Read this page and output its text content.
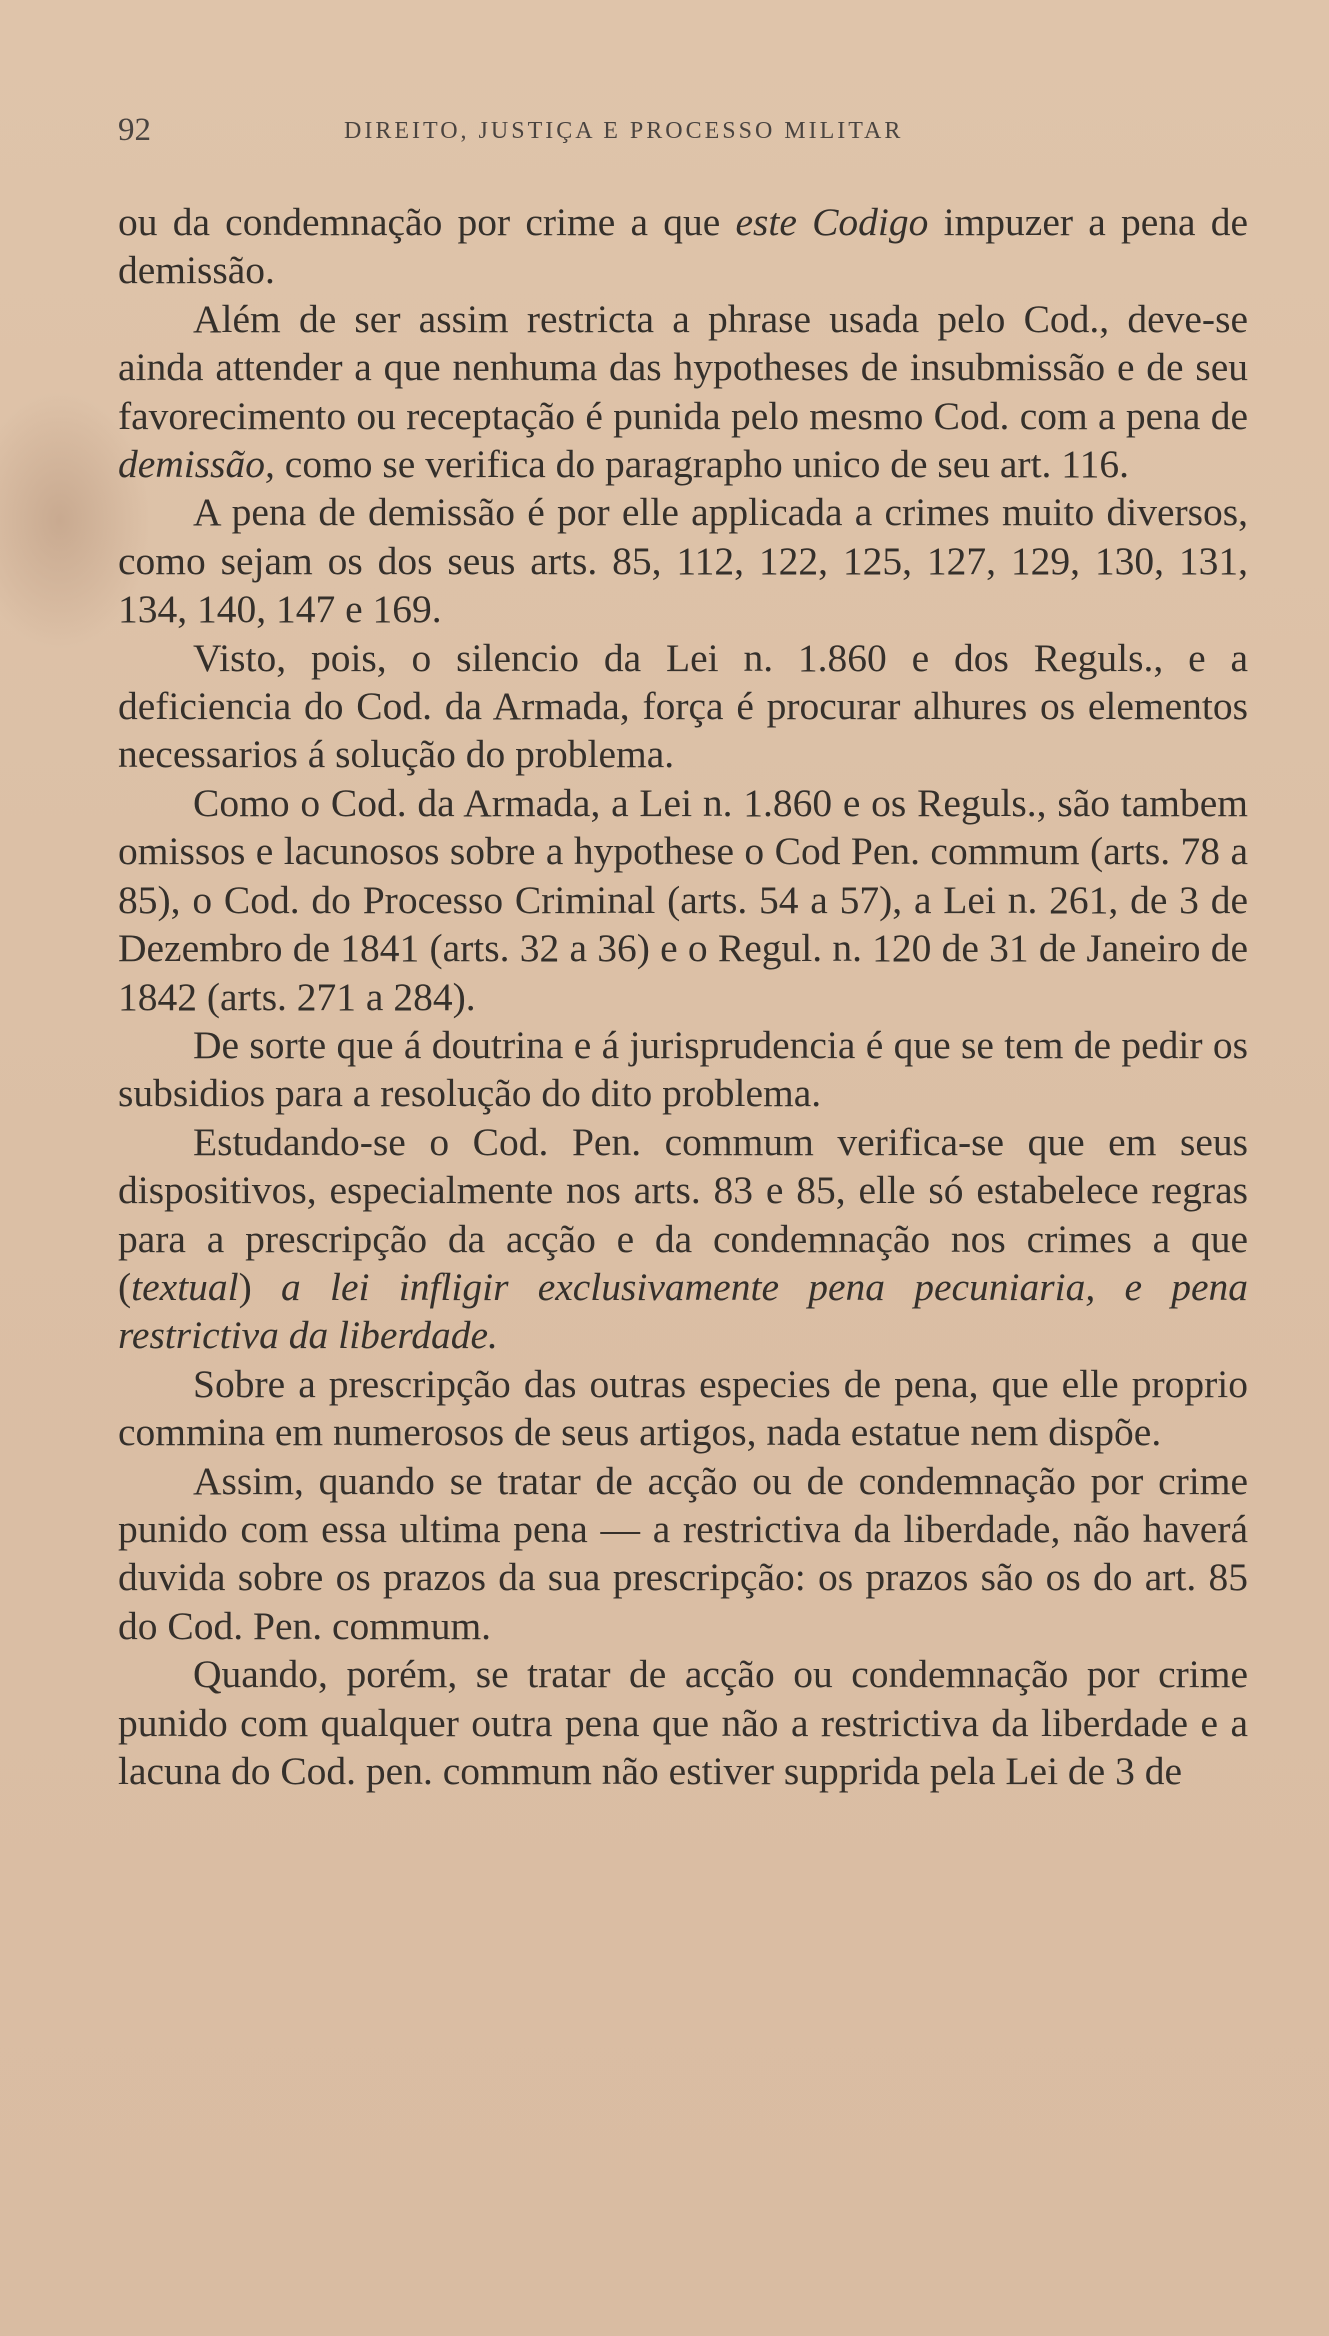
92	DIREITO, JUSTIÇA E PROCESSO MILITAR

ou da condemnação por crime a que este Codigo impuzer a pena de demissão.

Além de ser assim restricta a phrase usada pelo Cod., deve-se ainda attender a que nenhuma das hypotheses de insubmissão e de seu favorecimento ou receptação é punida pelo mesmo Cod. com a pena de demissão, como se verifica do paragrapho unico de seu art. 116.

A pena de demissão é por elle applicada a crimes muito diversos, como sejam os dos seus arts. 85, 112, 122, 125, 127, 129, 130, 131, 134, 140, 147 e 169.

Visto, pois, o silencio da Lei n. 1.860 e dos Reguls., e a deficiencia do Cod. da Armada, força é procurar alhures os elementos necessarios á solução do problema.

Como o Cod. da Armada, a Lei n. 1.860 e os Reguls., são tambem omissos e lacunosos sobre a hypothese o Cod Pen. commum (arts. 78 a 85), o Cod. do Processo Criminal (arts. 54 a 57), a Lei n. 261, de 3 de Dezembro de 1841 (arts. 32 a 36) e o Regul. n. 120 de 31 de Janeiro de 1842 (arts. 271 a 284).

De sorte que á doutrina e á jurisprudencia é que se tem de pedir os subsidios para a resolução do dito problema.

Estudando-se o Cod. Pen. commum verifica-se que em seus dispositivos, especialmente nos arts. 83 e 85, elle só estabelece regras para a prescripção da acção e da condemnação nos crimes a que (textual) a lei infligir exclusivamente pena pecuniaria, e pena restrictiva da liberdade.

Sobre a prescripção das outras especies de pena, que elle proprio commina em numerosos de seus artigos, nada estatue nem dispõe.

Assim, quando se tratar de acção ou de condemnação por crime punido com essa ultima pena — a restrictiva da liberdade, não haverá duvida sobre os prazos da sua prescripção: os prazos são os do art. 85 do Cod. Pen. commum.

Quando, porém, se tratar de acção ou condemnação por crime punido com qualquer outra pena que não a restrictiva da liberdade e a lacuna do Cod. pen. commum não estiver supprida pela Lei de 3 de
